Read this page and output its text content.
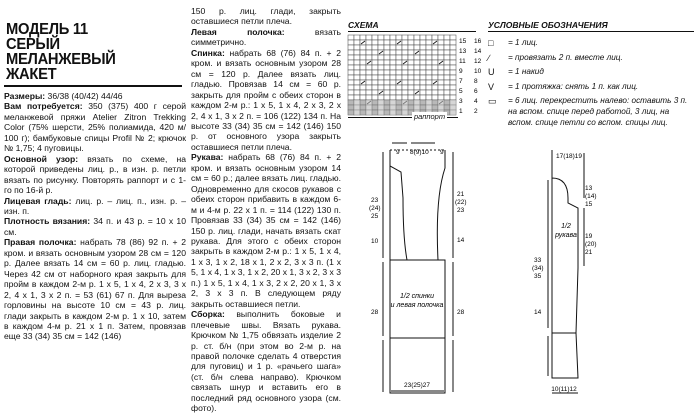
МОДЕЛЬ 11
СЕРЫЙ
МЕЛАНЖЕВЫЙ
ЖАКЕТ

Размеры: 36/38 (40/42) 44/46

Вам потребуется: 350 (375) 400 г серой меланжевой пряжи Atelier Zitron Trekking Color (75% шерсти, 25% полиамида, 420 м/ 100 г); бамбуковые спицы Profil № 2; крючок № 1,75; 4 пуговицы.

Основной узор: вязать по схеме, на которой приведены лиц. р., в изн. р. петли вязать по рисунку. Повторять раппорт и с 1-го по 16-й р.

Лицевая гладь: лиц. р. – лиц. п., изн. р. – изн. п.

Плотность вязания: 34 п. и 43 р. = 10 х 10 см.

Правая полочка: набрать 78 (86) 92 п. + 2 кром. и вязать основным узором 28 см = 120 р. Далее вязать 14 см = 60 р. лиц. гладью. Через 42 см от наборного края закрыть для пройм в каждом 2-м р. 1 х 5, 1 х 4, 2 х 3, 3 х 2, 4 х 1, 3 х 2 п. = 53 (61) 67 п. Для выреза горловины на высоте 10 см = 43 р. лиц. глади закрыть в каждом 2-м р. 1 х 10, затем в каждом 4-м р. 21 х 1 п. Затем, провязав еще 33 (34) 35 см = 142 (146)

150 р. лиц. глади, закрыть оставшиеся петли плеча.

Левая полочка: вязать симметрично.

Спинка: набрать 68 (76) 84 п. + 2 кром. и вязать основным узором 28 см = 120 р. Далее вязать лиц. гладью. Провязав 14 см = 60 р. закрыть для пройм с обеих сторон в каждом 2-м р.: 1 х 5, 1 х 4, 2 х 3, 2 х 2, 4 х 1, 3 х 2 п. = 106 (122) 134 п. На высоте 33 (34) 35 см = 142 (146) 150 р. от основного узора закрыть оставшиеся петли плеча.

Рукава: набрать 68 (76) 84 п. + 2 кром. и вязать основным узором 14 см = 60 р.; далее вязать лиц. гладью. Одновременно для скосов рукавов с обеих сторон прибавить в каждом 6-м и 4-м р. 22 х 1 п. = 114 (122) 130 п. Провязав 33 (34) 35 см = 142 (146) 150 р. лиц. глади, начать вязать скат рукава. Для этого с обеих сторон закрыть в каждом 2-м р.: 1 х 5, 1 х 4, 1 х 3, 1 х 2, 18 х 1, 2 х 2, 3 х 3 п. (1 х 5, 1 х 4, 1 х 3, 1 х 2, 20 х 1, 3 х 2, 3 х 3 п.) 1 х 5, 1 х 4, 1 х 3, 2 х 2, 20 х 1, 3 х 2, 3 х 3 п. В следующем ряду закрыть оставшиеся петли.

Сборка: выполнить боковые и плечевые швы. Вязать рукава. Крючком № 1,75 обвязать изделие 2 р. ст. б/н (при этом во 2-м р. на правой полочке сделать 4 отверстия для пуговиц) и 1 р. «рачьего шага» (ст. б/н слева направо). Крючком связать шнур и вставить его в последний ряд основного узора (см. фото).

СХЕМА	УСЛОВНЫЕ ОБОЗНАЧЕНИЯ
15
13
11
9
7
5
3
1
16
14
12
10
8
6
4
2
раппорт
□ = 1 лиц.
∕ = провязать 2 п. вместе лиц.
U = 1 накид
V = 1 протяжка: снять 1 п. как лиц.
▭ = 6 лиц. перекрестить налево: оставить 3 п. на вспом. спице перед работой, 3 лиц, на вспом. спице петли со вспом. спицы лиц.
9 8(9)10 9
23 (24) 25
21 (22) 23
14
10
1/2 спинки и левая полочка
28	28
23(25)27
17(18)19
13 (14) 15
19 (20) 21
33 (34) 35
14
1/2 рукава
10(11)12
